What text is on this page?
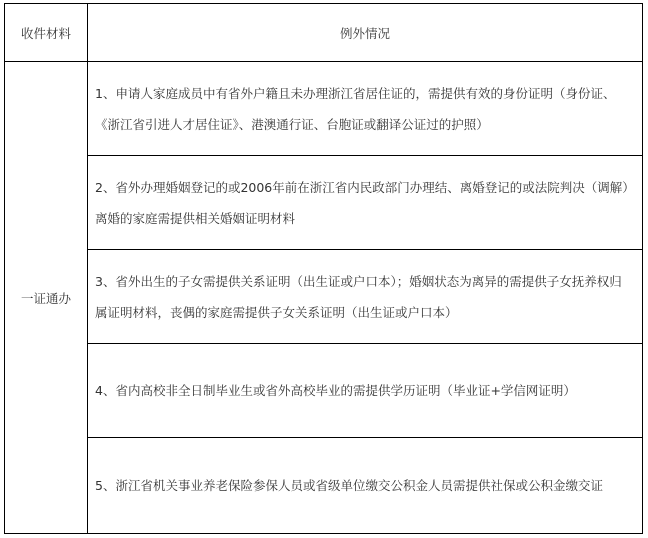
收件材料	例外情况
一证通办	1、申请人家庭成员中有省外户籍且未办理浙江省居住证的，需提供有效的身份证明（身份证、《浙江省引进人才居住证》、港澳通行证、台胞证或翻译公证过的护照）
	2、省外办理婚姻登记的或2006年前在浙江省内民政部门办理结、离婚登记的或法院判决（调解）离婚的家庭需提供相关婚姻证明材料
	3、省外出生的子女需提供关系证明（出生证或户口本）；婚姻状态为离异的需提供子女抚养权归属证明材料，丧偶的家庭需提供子女关系证明（出生证或户口本）
	4、省内高校非全日制毕业生或省外高校毕业的需提供学历证明（毕业证+学信网证明）
	5、浙江省机关事业养老保险参保人员或省级单位缴交公积金人员需提供社保或公积金缴交证
